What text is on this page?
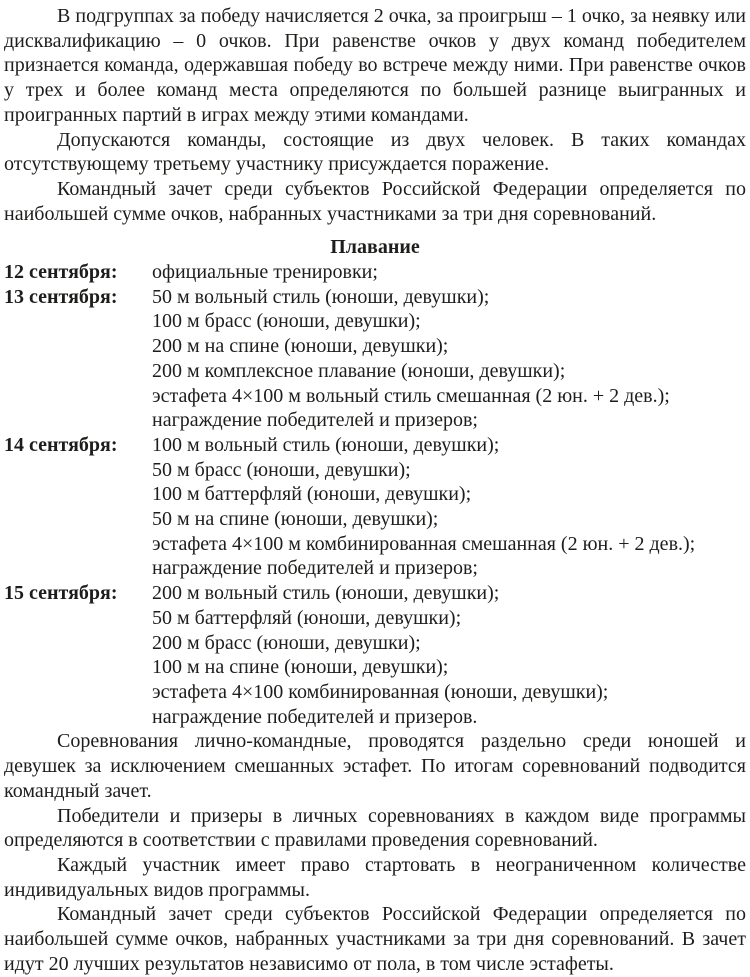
В подгруппах за победу начисляется 2 очка, за проигрыш – 1 очко, за неявку или дисквалификацию – 0 очков. При равенстве очков у двух команд победителем признается команда, одержавшая победу во встрече между ними. При равенстве очков у трех и более команд места определяются по большей разнице выигранных и проигранных партий в играх между этими командами.

Допускаются команды, состоящие из двух человек. В таких командах отсутствующему третьему участнику присуждается поражение.

Командный зачет среди субъектов Российской Федерации определяется по наибольшей сумме очков, набранных участниками за три дня соревнований.

Плавание
12 сентября:	официальные тренировки;
13 сентября:	50 м вольный стиль (юноши, девушки);
100 м брасс (юноши, девушки);
200 м на спине (юноши, девушки);
200 м комплексное плавание (юноши, девушки);
эстафета 4×100 м вольный стиль смешанная (2 юн. + 2 дев.);
награждение победителей и призеров;
14 сентября:	100 м вольный стиль (юноши, девушки);
50 м брасс (юноши, девушки);
100 м баттерфляй (юноши, девушки);
50 м на спине (юноши, девушки);
эстафета 4×100 м комбинированная смешанная (2 юн. + 2 дев.);
награждение победителей и призеров;
15 сентября:	200 м вольный стиль (юноши, девушки);
50 м баттерфляй (юноши, девушки);
200 м брасс (юноши, девушки);
100 м на спине (юноши, девушки);
эстафета 4×100 комбинированная (юноши, девушки);
награждение победителей и призеров.

Соревнования лично-командные, проводятся раздельно среди юношей и девушек за исключением смешанных эстафет. По итогам соревнований подводится командный зачет.

Победители и призеры в личных соревнованиях в каждом виде программы определяются в соответствии с правилами проведения соревнований.

Каждый участник имеет право стартовать в неограниченном количестве индивидуальных видов программы.

Командный зачет среди субъектов Российской Федерации определяется по наибольшей сумме очков, набранных участниками за три дня соревнований. В зачет идут 20 лучших результатов независимо от пола, в том числе эстафеты.
